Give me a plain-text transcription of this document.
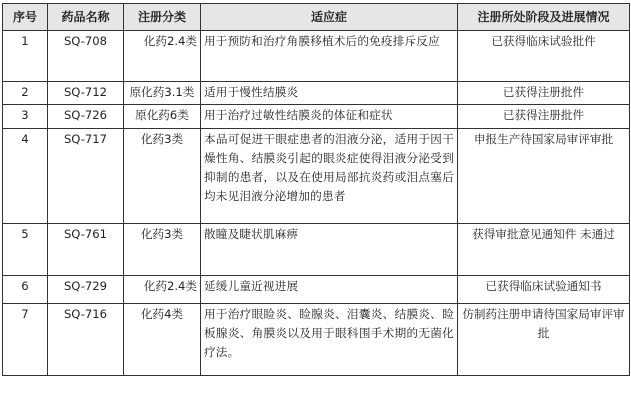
序号	药品名称	注册分类	适应症	注册所处阶段及进展情况
1	SQ-708	化药2.4类	用于预防和治疗角膜移植术后的免疫排斥反应	已获得临床试验批件
2	SQ-712	原化药3.1类	适用于慢性结膜炎	已获得注册批件
3	SQ-726	原化药6类	用于治疗过敏性结膜炎的体征和症状	已获得注册批件
4	SQ-717	化药3类	本品可促进干眼症患者的泪液分泌，适用于因干燥性角、结膜炎引起的眼炎症使得泪液分泌受到抑制的患者，以及在使用局部抗炎药或泪点塞后均未见泪液分泌增加的患者	申报生产待国家局审评审批
5	SQ-761	化药3类	散瞳及睫状肌麻痹	获得审批意见通知件 未通过
6	SQ-729	化药2.4类	延缓儿童近视进展	已获得临床试验通知书
7	SQ-716	化药4类	用于治疗眼睑炎、睑腺炎、泪囊炎、结膜炎、睑板腺炎、角膜炎以及用于眼科围手术期的无菌化疗法。	仿制药注册申请待国家局审评审批
